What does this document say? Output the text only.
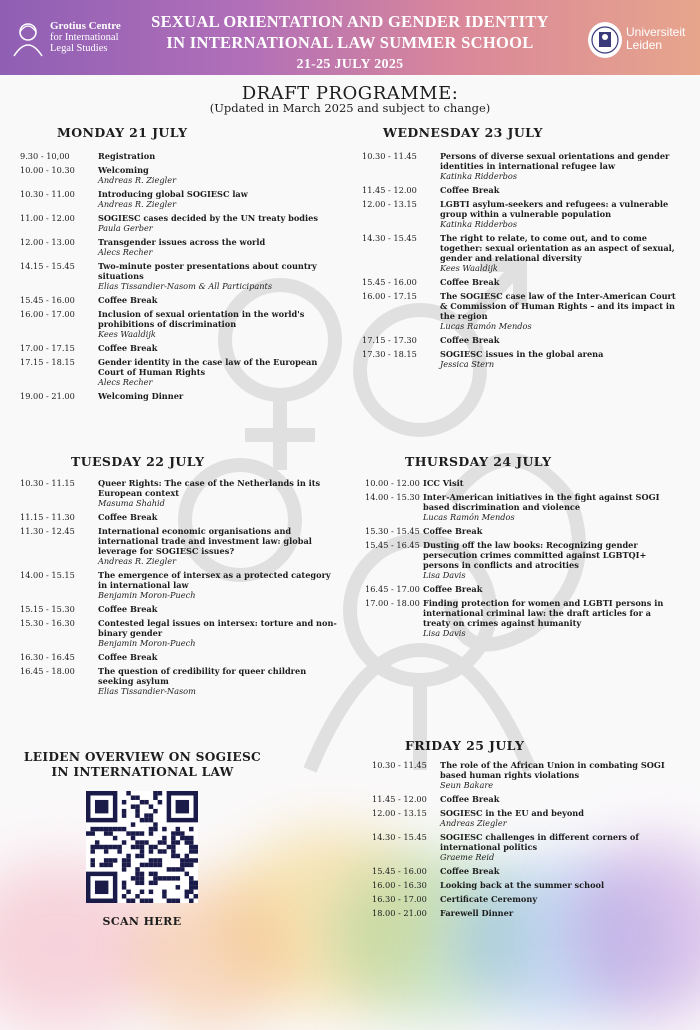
Grotius Centre
for International
Legal Studies
SEXUAL ORIENTATION AND GENDER IDENTITY
IN INTERNATIONAL LAW SUMMER SCHOOL
21-25 JULY 2025
Universiteit
Leiden
DRAFT PROGRAMME:
(Updated in March 2025 and subject to change)
MONDAY 21 JULY	WEDNESDAY 23 JULY
TUESDAY 22 JULY	THURSDAY 24 JULY
FRIDAY 25 JULY
9.30 - 10,00	Registration
10.00 - 10.30	Welcoming
Andreas R. Ziegler
10.30 - 11.00	Introducing global SOGIESC law
Andreas R. Ziegler
11.00 - 12.00	SOGIESC cases decided by the UN treaty bodies
Paula Gerber
12.00 - 13.00	Transgender issues across the world
Alecs Recher
14.15 - 15.45	Two-minute poster presentations about country situations
Elias Tissandier-Nasom & All Participants
15.45 - 16.00	Coffee Break
16.00 - 17.00	Inclusion of sexual orientation in the world's prohibitions of discrimination
Kees Waaldijk
17.00 - 17.15	Coffee Break
17.15 - 18.15	Gender identity in the case law of the European Court of Human Rights
Alecs Recher
19.00 - 21.00	Welcoming Dinner
10.30 - 11.15	Queer Rights: The case of the Netherlands in its European context
Masuma Shahid
11.15 - 11.30	Coffee Break
11.30 - 12.45	International economic organisations and international trade and investment law: global leverage for SOGIESC issues?
Andreas R. Ziegler
14.00 - 15.15	The emergence of intersex as a protected category in international law
Benjamin Moron-Puech
15.15 - 15.30	Coffee Break
15.30 - 16.30	Contested legal issues on intersex: torture and non-binary gender
Benjamin Moron-Puech
16.30 - 16.45	Coffee Break
16.45 - 18.00	The question of credibility for queer children seeking asylum
Elias Tissandier-Nasom
10.30 - 11.45	Persons of diverse sexual orientations and gender identities in international refugee law
Katinka Ridderbos
11.45 - 12.00	Coffee Break
12.00 - 13.15	LGBTI asylum-seekers and refugees: a vulnerable group within a vulnerable population
Katinka Ridderbos
14.30 - 15.45	The right to relate, to come out, and to come together: sexual orientation as an aspect of sexual, gender and relational diversity
Kees Waaldijk
15.45 - 16.00	Coffee Break
16.00 - 17.15	The SOGIESC case law of the Inter-American Court & Commission of Human Rights – and its impact in the region
Lucas Ramón Mendos
17.15 - 17.30	Coffee Break
17.30 - 18.15	SOGIESC issues in the global arena
Jessica Stern
10.00 - 12.00 ICC Visit
14.00 - 15.30 Inter-American initiatives in the fight against SOGI based discrimination and violence
Lucas Ramón Mendos
15.30 - 15.45 Coffee Break
15.45 - 16.45 Dusting off the law books: Recognizing gender persecution crimes committed against LGBTQI+ persons in conflicts and atrocities
Lisa Davis
16.45 - 17.00 Coffee Break
17.00 - 18.00 Finding protection for women and LGBTI persons in international criminal law: the draft articles for a treaty on crimes against humanity
Lisa Davis
10.30 - 11.45	The role of the African Union in combating SOGI based human rights violations
Seun Bakare
11.45 - 12.00	Coffee Break
12.00 - 13.15	SOGIESC in the EU and beyond
Andreas Ziegler
14.30 - 15.45	SOGIESC challenges in different corners of international politics
Graeme Reid
15.45 - 16.00	Coffee Break
16.00 - 16.30	Looking back at the summer school
16.30 - 17.00	Certificate Ceremony
18.00 - 21.00	Farewell Dinner
LEIDEN OVERVIEW ON SOGIESC
IN INTERNATIONAL LAW
SCAN HERE
